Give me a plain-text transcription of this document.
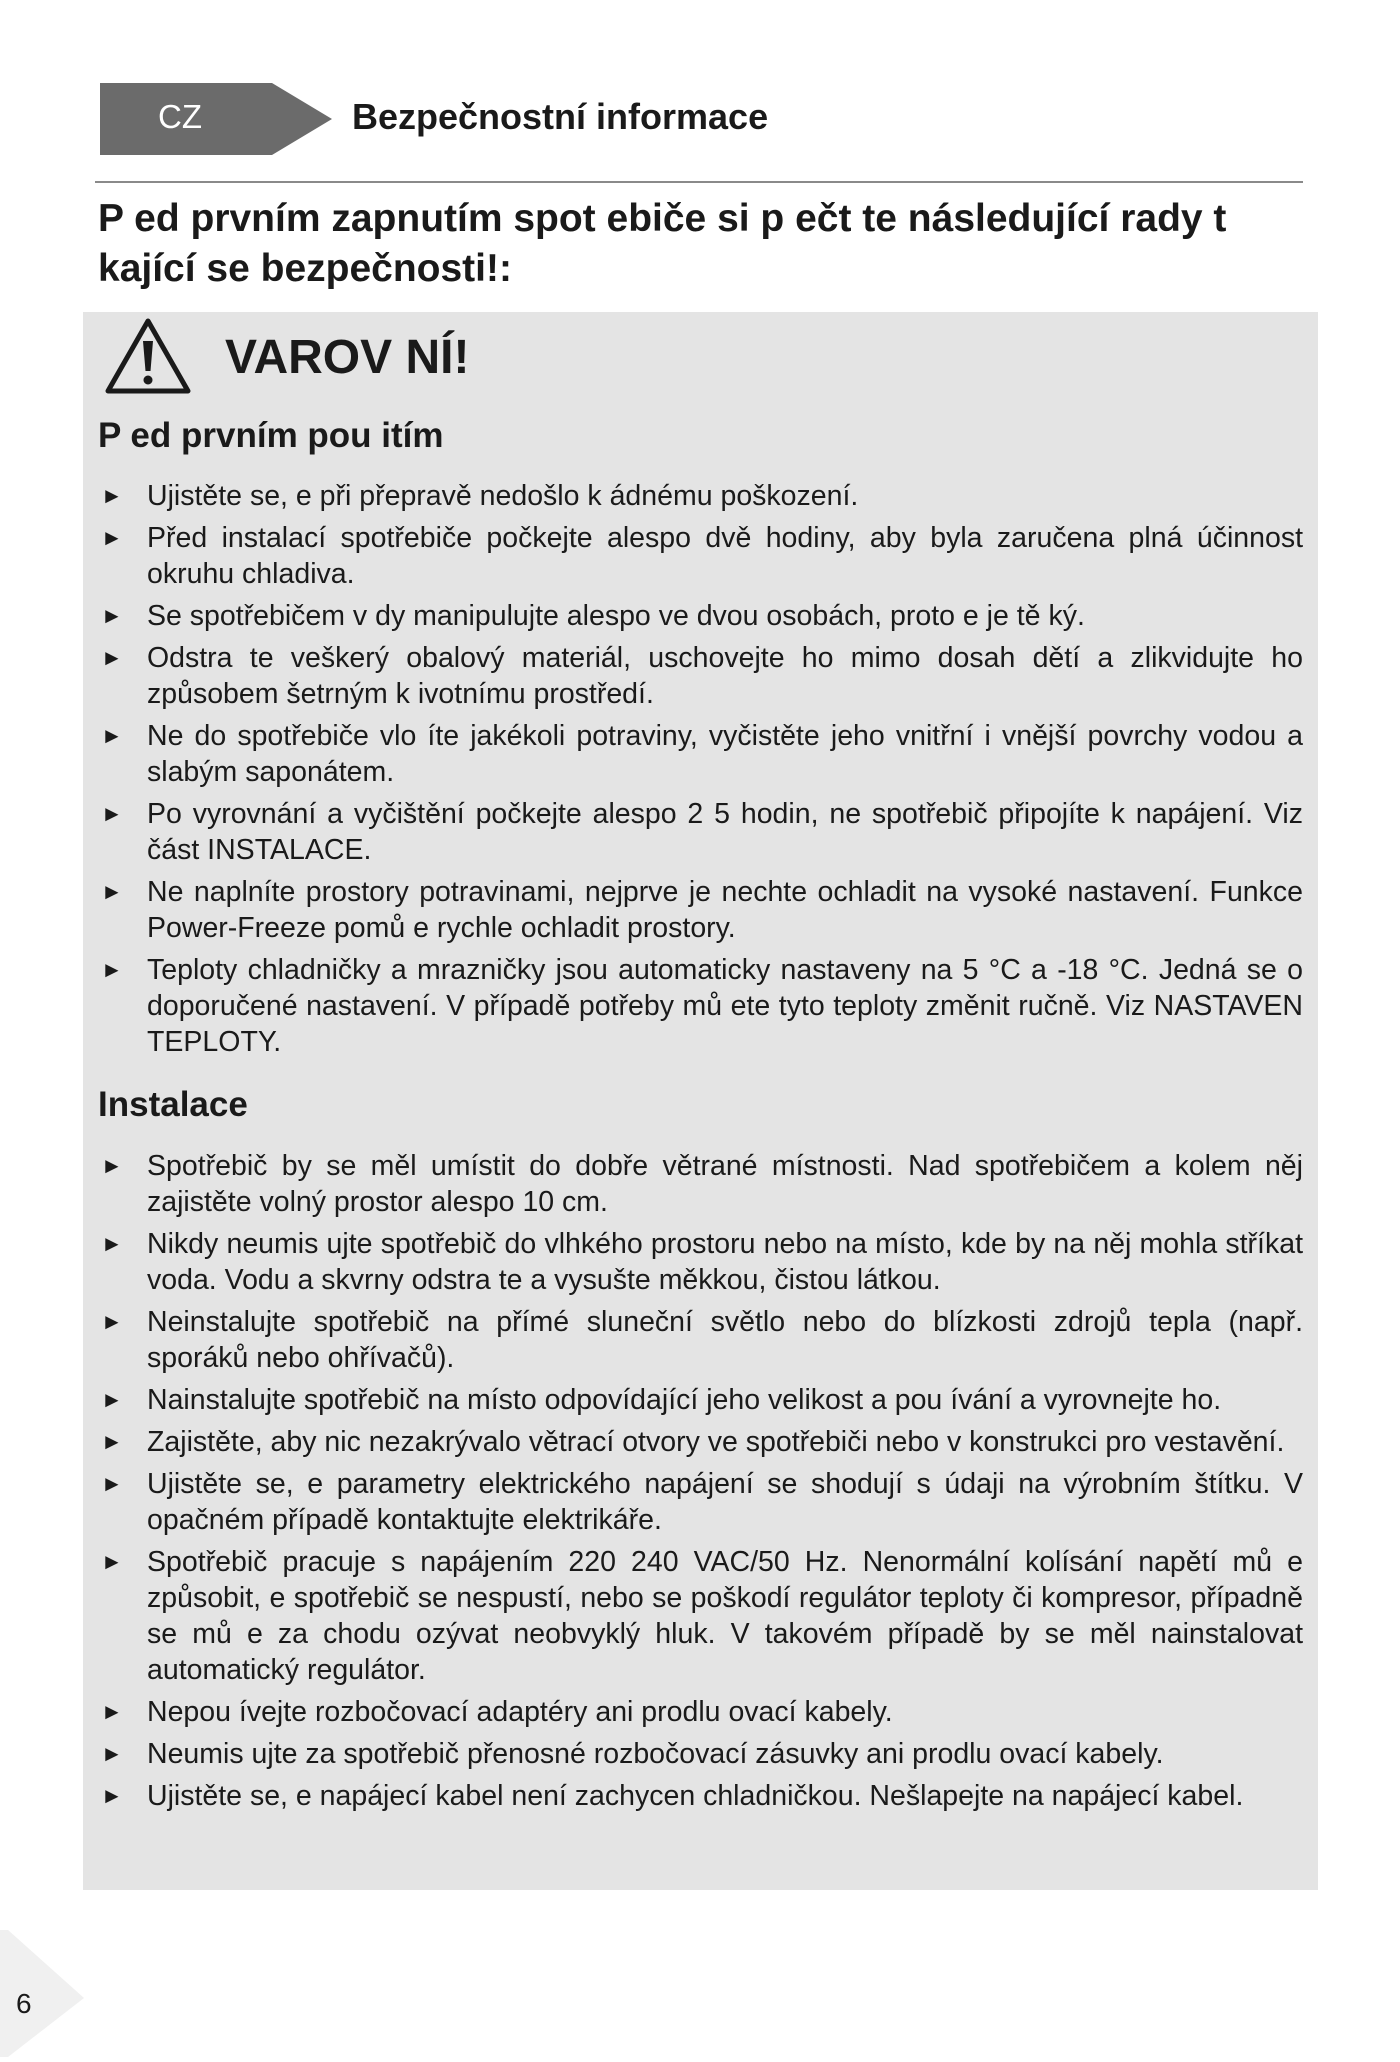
CZ	Bezpečnostní informace
P ed prvním zapnutím spot ebiče si p ečt te následující rady t kající se bezpečnosti!:
VAROV NÍ!
P ed prvním pou itím
► Ujistěte se, e při přepravě nedošlo k ádnému poškození.
► Před instalací spotřebiče počkejte alespo dvě hodiny, aby byla zaručena plná účinnost okruhu chladiva.
► Se spotřebičem v dy manipulujte alespo ve dvou osobách, proto e je tě ký.
► Odstra te veškerý obalový materiál, uschovejte ho mimo dosah dětí a zlikvidujte ho způsobem šetrným k ivotnímu prostředí.
► Ne do spotřebiče vlo íte jakékoli potraviny, vyčistěte jeho vnitřní i vnější povrchy vodou a slabým saponátem.
► Po vyrovnání a vyčištění počkejte alespo 2 5 hodin, ne spotřebič připojíte k napájení. Viz část INSTALACE.
► Ne naplníte prostory potravinami, nejprve je nechte ochladit na vysoké nastavení. Funkce Power-Freeze pomů e rychle ochladit prostory.
► Teploty chladničky a mrazničky jsou automaticky nastaveny na 5 °C a -18 °C. Jedná se o doporučené nastavení. V případě potřeby mů ete tyto teploty změnit ručně. Viz NASTAVEN TEPLOTY.
Instalace
► Spotřebič by se měl umístit do dobře větrané místnosti. Nad spotřebičem a kolem něj zajistěte volný prostor alespo 10 cm.
► Nikdy neumis ujte spotřebič do vlhkého prostoru nebo na místo, kde by na něj mohla stříkat voda. Vodu a skvrny odstra te a vysušte měkkou, čistou látkou.
► Neinstalujte spotřebič na přímé sluneční světlo nebo do blízkosti zdrojů tepla (např. sporáků nebo ohřívačů).
► Nainstalujte spotřebič na místo odpovídající jeho velikost a pou ívání a vyrovnejte ho.
► Zajistěte, aby nic nezakrývalo větrací otvory ve spotřebiči nebo v konstrukci pro vestavění.
► Ujistěte se, e parametry elektrického napájení se shodují s údaji na výrobním štítku. V opačném případě kontaktujte elektrikáře.
► Spotřebič pracuje s napájením 220 240 VAC/50 Hz. Nenormální kolísání napětí mů e způsobit, e spotřebič se nespustí, nebo se poškodí regulátor teploty či kompresor, případně se mů e za chodu ozývat neobvyklý hluk. V takovém případě by se měl nainstalovat automatický regulátor.
► Nepou ívejte rozbočovací adaptéry ani prodlu ovací kabely.
► Neumis ujte za spotřebič přenosné rozbočovací zásuvky ani prodlu ovací kabely.
► Ujistěte se, e napájecí kabel není zachycen chladničkou. Nešlapejte na napájecí kabel.
6
